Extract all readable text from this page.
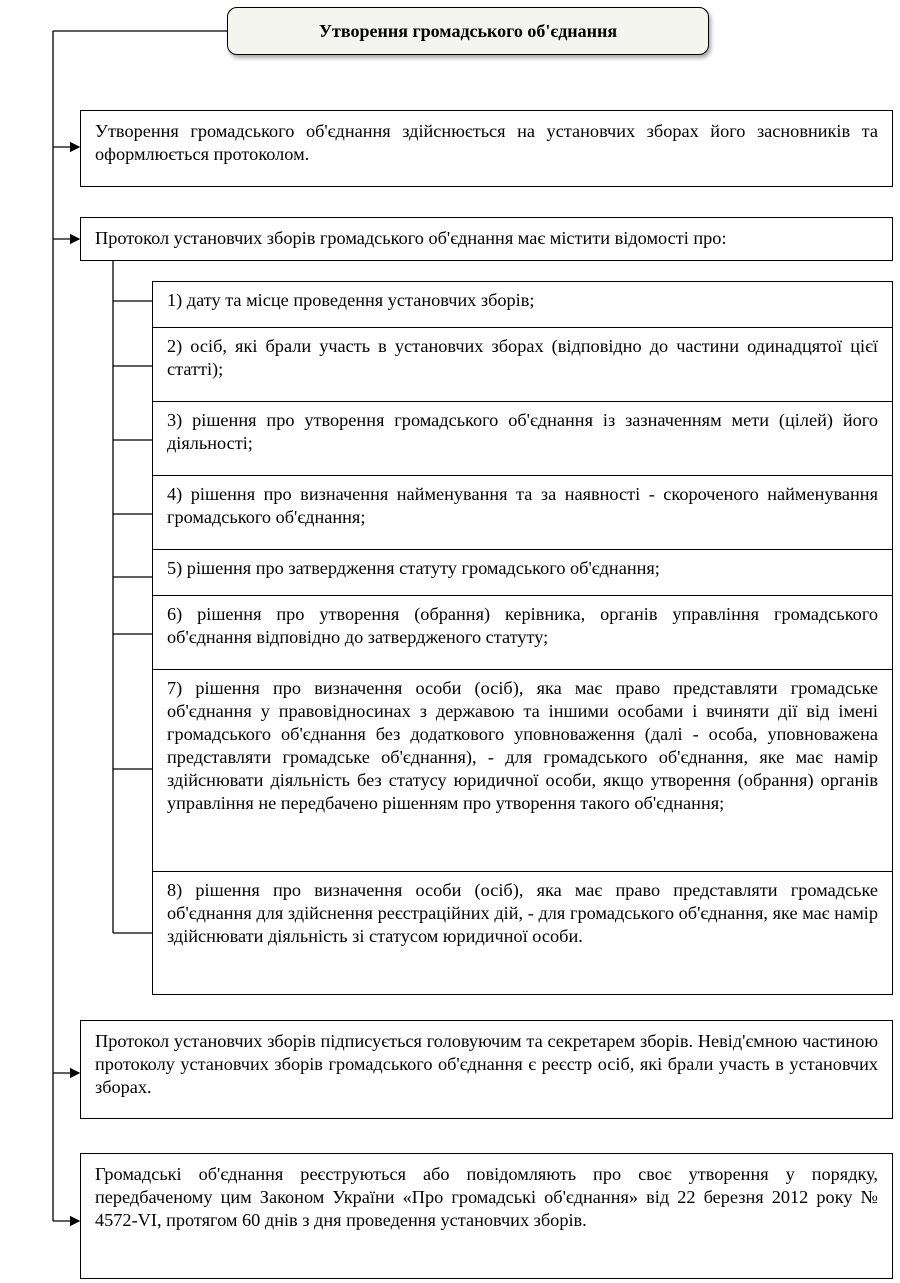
Утворення громадського об'єднання
Утворення громадського об'єднання здійснюється на установчих зборах його засновників та оформлюється протоколом.
Протокол установчих зборів громадського об'єднання має містити відомості про:
1) дату та місце проведення установчих зборів;
2) осіб, які брали участь в установчих зборах (відповідно до частини одинадцятої цієї статті);
3) рішення про утворення громадського об'єднання із зазначенням мети (цілей) його діяльності;
4) рішення про визначення найменування та за наявності - скороченого найменування громадського об'єднання;
5) рішення про затвердження статуту громадського об'єднання;
6) рішення про утворення (обрання) керівника, органів управління громадського об'єднання відповідно до затвердженого статуту;
7) рішення про визначення особи (осіб), яка має право представляти громадське об'єднання у правовідносинах з державою та іншими особами і вчиняти дії від імені громадського об'єднання без додаткового уповноваження (далі - особа, уповноважена представляти громадське об'єднання), - для громадського об'єднання, яке має намір здійснювати діяльність без статусу юридичної особи, якщо утворення (обрання) органів управління не передбачено рішенням про утворення такого об'єднання;
8) рішення про визначення особи (осіб), яка має право представляти громадське об'єднання для здійснення реєстраційних дій, - для громадського об'єднання, яке має намір здійснювати діяльність зі статусом юридичної особи.
Протокол установчих зборів підписується головуючим та секретарем зборів. Невід'ємною частиною протоколу установчих зборів громадського об'єднання є реєстр осіб, які брали участь в установчих зборах.
Громадські об'єднання реєструються або повідомляють про своє утворення у порядку, передбаченому цим Законом України «Про громадські об'єднання» від 22 березня 2012 року № 4572-VI, протягом 60 днів з дня проведення установчих зборів.
